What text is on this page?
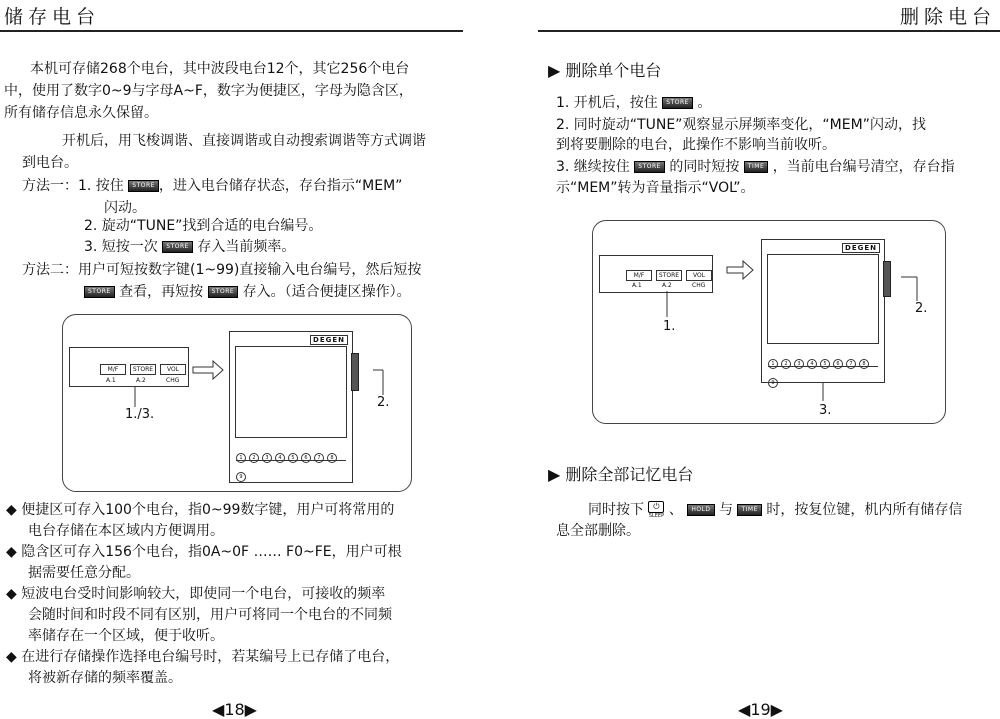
储存电台
本机可存储268个电台，其中波段电台12个，其它256个电台
中，使用了数字0~9与字母A~F，数字为便捷区，字母为隐含区，
所有储存信息永久保留。
开机后，用飞梭调谐、直接调谐或自动搜索调谐等方式调谐
到电台。
方法一：1. 按住 STORE ，进入电台储存状态，存台指示“MEM”
闪动。
2. 旋动“TUNE”找到合适的电台编号。
3. 短按一次 STORE 存入当前频率。
方法二：用户可短按数字键(1~99)直接输入电台编号，然后短按
STORE 查看，再短按 STORE 存入。（适合便捷区操作）。
M/F	STORE	VOL
A.1	A.2	CHG
DEGEN
1 2 3 4 5 6 7 89
1./3.
2.
◆ 便捷区可存入100个电台，指0~99数字键，用户可将常用的
电台存储在本区域内方便调用。
◆ 隐含区可存入156个电台，指0A~0F …… F0~FE，用户可根
据需要任意分配。
◆ 短波电台受时间影响较大，即使同一个电台，可接收的频率
会随时间和时段不同有区别，用户可将同一个电台的不同频
率储存在一个区域，便于收听。
◆ 在进行存储操作选择电台编号时，若某编号上已存储了电台，
将被新存储的频率覆盖。
◀18▶
删除电台
▶ 删除单个电台
1. 开机后，按住 STORE 。
2. 同时旋动“TUNE”观察显示屏频率变化，“MEM”闪动，找
到将要删除的电台，此操作不影响当前收听。
3. 继续按住 STORE 的同时短按 TIME ，当前电台编号清空，存台指
示“MEM”转为音量指示“VOL”。
M/F	STORE	VOL
A.1	A.2	CHG
DEGEN
1 2 3 4 5 6 7 89
1.
2.
3.
▶ 删除全部记忆电台
同时按下	⏻
SLEEP 、 HOLD 与 TIME 时，按复位键，机内所有储存信
息全部删除。
◀19▶
